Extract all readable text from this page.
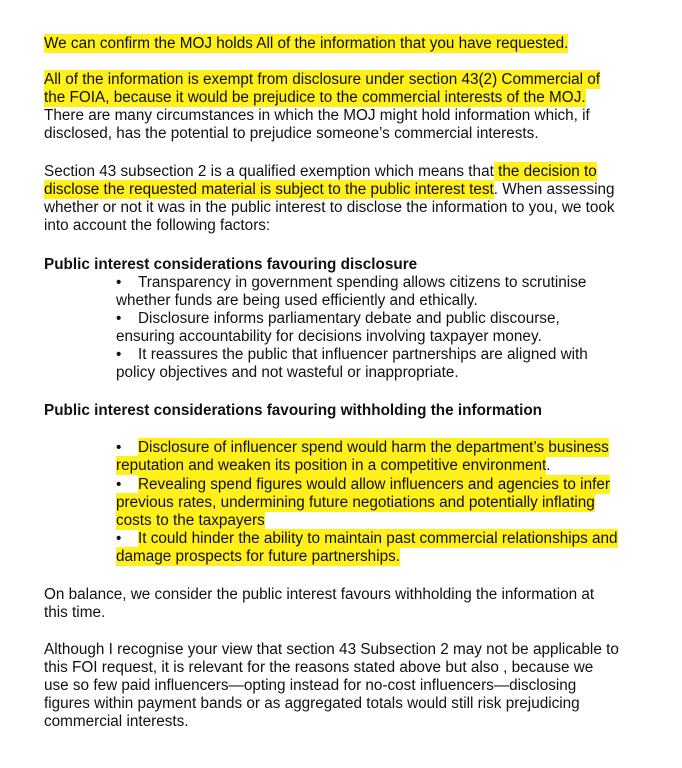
We can confirm the MOJ holds All of the information that you have requested.
All of the information is exempt from disclosure under section 43(2) Commercial of
the FOIA, because it would be prejudice to the commercial interests of the MOJ.
There are many circumstances in which the MOJ might hold information which, if
disclosed, has the potential to prejudice someone’s commercial interests.
Section 43 subsection 2 is a qualified exemption which means that the decision to
disclose the requested material is subject to the public interest test. When assessing
whether or not it was in the public interest to disclose the information to you, we took
into account the following factors:
Public interest considerations favouring disclosure
• Transparency in government spending allows citizens to scrutinise
whether funds are being used efficiently and ethically.
• Disclosure informs parliamentary debate and public discourse,
ensuring accountability for decisions involving taxpayer money.
• It reassures the public that influencer partnerships are aligned with
policy objectives and not wasteful or inappropriate.
Public interest considerations favouring withholding the information
• Disclosure of influencer spend would harm the department’s business
reputation and weaken its position in a competitive environment.
• Revealing spend figures would allow influencers and agencies to infer
previous rates, undermining future negotiations and potentially inflating
costs to the taxpayers
• It could hinder the ability to maintain past commercial relationships and
damage prospects for future partnerships.
On balance, we consider the public interest favours withholding the information at
this time.
Although I recognise your view that section 43 Subsection 2 may not be applicable to
this FOI request, it is relevant for the reasons stated above but also , because we
use so few paid influencers—opting instead for no-cost influencers—disclosing
figures within payment bands or as aggregated totals would still risk prejudicing
commercial interests.
